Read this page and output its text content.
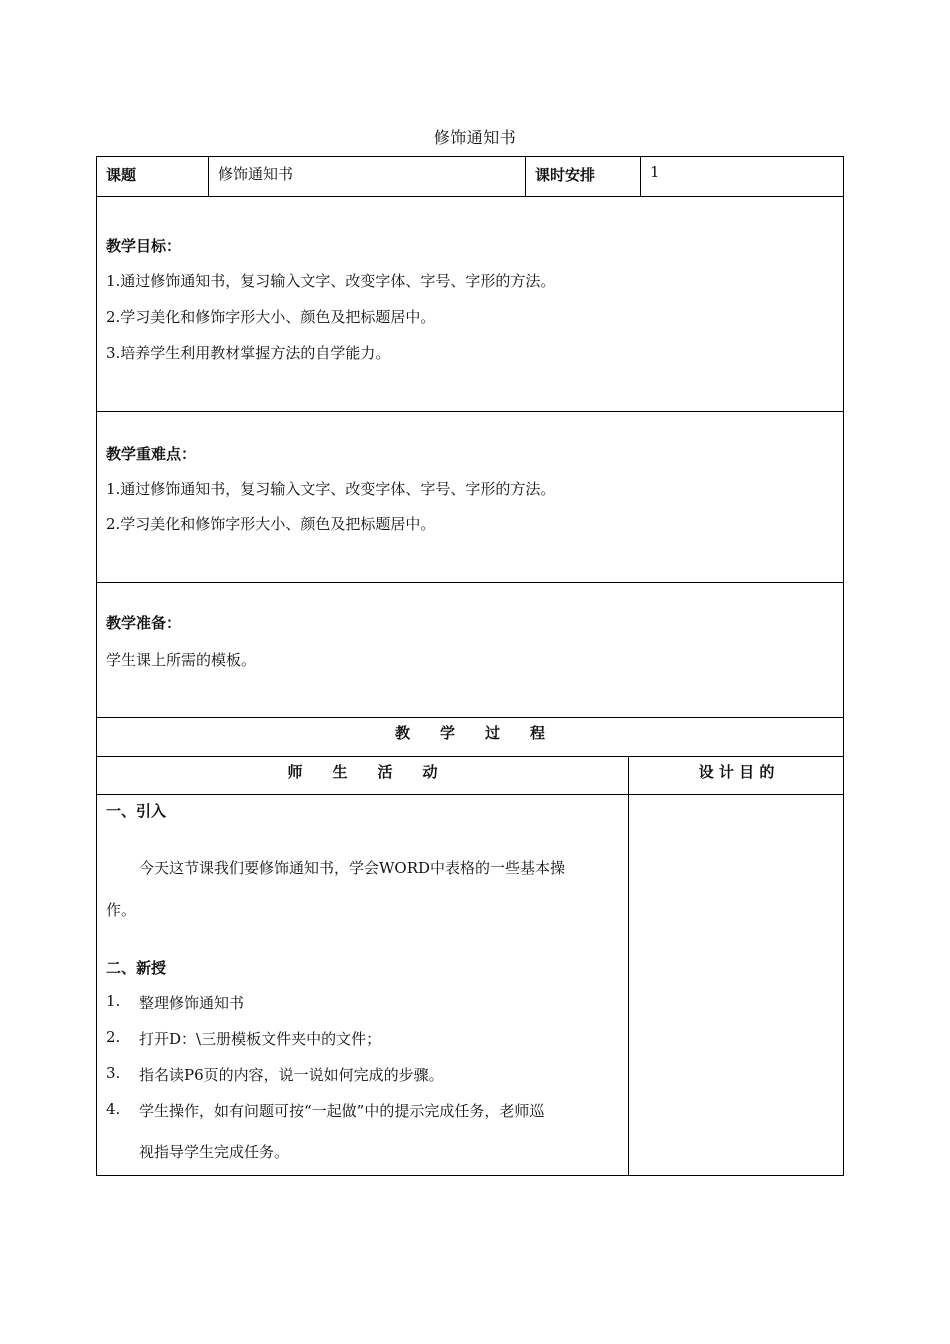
修饰通知书
课题	修饰通知书	课时安排	1
教学目标：
1.通过修饰通知书，复习输入文字、改变字体、字号、字形的方法。
2.学习美化和修饰字形大小、颜色及把标题居中。
3.培养学生利用教材掌握方法的自学能力。
教学重难点：
1.通过修饰通知书，复习输入文字、改变字体、字号、字形的方法。
2.学习美化和修饰字形大小、颜色及把标题居中。
教学准备：
学生课上所需的模板。
教　　学　　过　　程
师　　生　　活　　动	设 计 目 的
一、引入
今天这节课我们要修饰通知书，学会WORD中表格的一些基本操
作。
二、新授
1. 整理修饰通知书
2. 打开D：\三册模板文件夹中的文件；
3. 指名读P6页的内容，说一说如何完成的步骤。
4. 学生操作，如有问题可按“一起做”中的提示完成任务，老师巡
视指导学生完成任务。
